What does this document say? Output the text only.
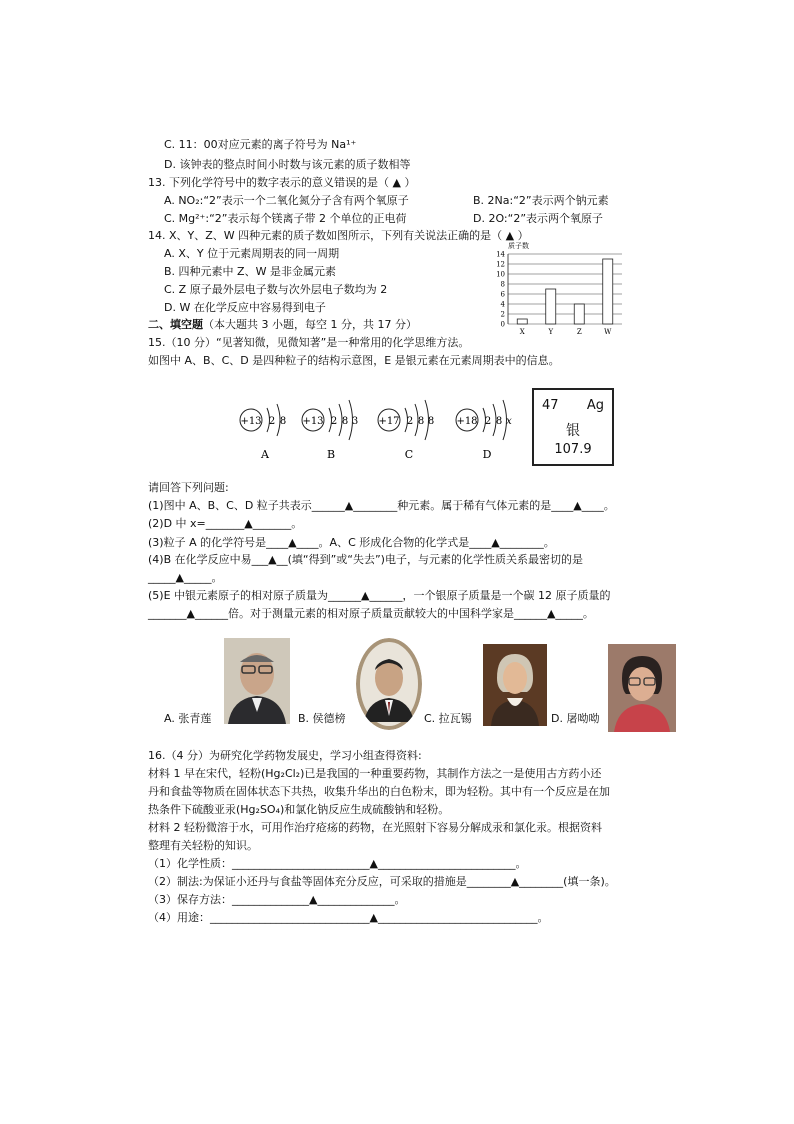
C. 11：00对应元素的离子符号为 Na¹⁺
D. 该钟表的整点时间小时数与该元素的质子数相等
13. 下列化学符号中的数字表示的意义错误的是（ ▲ ）
A. NO₂:“2”表示一个二氧化氮分子含有两个氧原子	B. 2Na:“2”表示两个钠元素
C. Mg²⁺:“2”表示每个镁离子带 2 个单位的正电荷	D. 2O:“2”表示两个氧原子
14. X、Y、Z、W 四种元素的质子数如图所示，下列有关说法正确的是（ ▲ ）
A. X、Y 位于元素周期表的同一周期
B. 四种元素中 Z、W 是非金属元素
C. Z 原子最外层电子数与次外层电子数均为 2
D. W 在化学反应中容易得到电子
质子数
0
2
4
6
8
10
12
14
X	Y	Z	W
二、填空题（本大题共 3 小题，每空 1 分，共 17 分）
15.（10 分）“见著知微，见微知著”是一种常用的化学思维方法。
如图中 A、B、C、D 是四种粒子的结构示意图，E 是银元素在元素周期表中的信息。
+13 2 8
A
+13 2 8 3
B
+17 2 8 8
C
+18 2 8 x
D
47 Ag
银
107.9
请回答下列问题:
(1)图中 A、B、C、D 粒子共表示______▲________种元素。属于稀有气体元素的是____▲____。
(2)D 中 x=_______▲_______。
(3)粒子 A 的化学符号是____▲____。A、C 形成化合物的化学式是____▲________。
(4)B 在化学反应中易___▲__(填“得到”或“失去”)电子，与元素的化学性质关系最密切的是
_____▲_____。
(5)E 中银元素原子的相对原子质量为______▲______，一个银原子质量是一个碳 12 原子质量的
_______▲______倍。对于测量元素的相对原子质量贡献较大的中国科学家是______▲_____。
A. 张青莲	B. 侯德榜	C. 拉瓦锡	D. 屠呦呦
16.（4 分）为研究化学药物发展史，学习小组查得资料:
材料 1 早在宋代，轻粉(Hg₂Cl₂)已是我国的一种重要药物，其制作方法之一是使用古方药小还
丹和食盐等物质在固体状态下共热，收集升华出的白色粉末，即为轻粉。其中有一个反应是在加
热条件下硫酸亚汞(Hg₂SO₄)和氯化钠反应生成硫酸钠和轻粉。
材料 2 轻粉微溶于水，可用作治疗疮疡的药物，在光照射下容易分解成汞和氯化汞。根据资料
整理有关轻粉的知识。
（1）化学性质：_________________________▲_________________________。
（2）制法:为保证小还丹与食盐等固体充分反应，可采取的措施是________▲________(填一条)。
（3）保存方法：______________▲______________。
（4）用途：_____________________________▲_____________________________。
